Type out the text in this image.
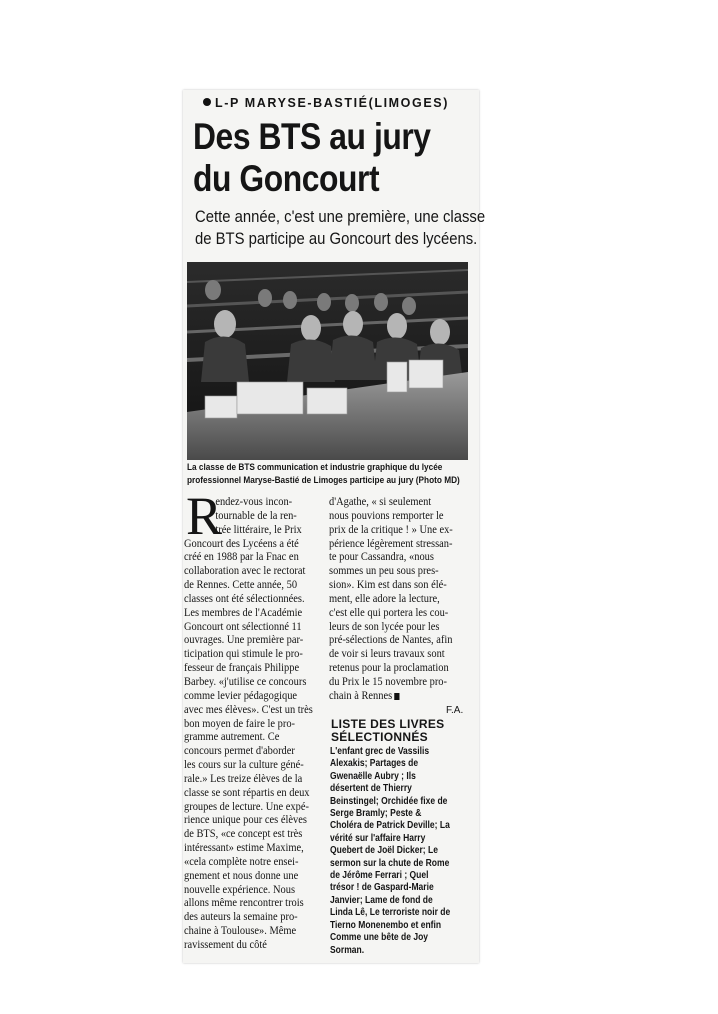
L-P MARYSE-BASTIÉ(LIMOGES)
Des BTS au jury
du Goncourt
Cette année, c'est une première, une classe
de BTS participe au Goncourt des lycéens.
La classe de BTS communication et industrie graphique du lycée
professionnel Maryse-Bastié de Limoges participe au jury (Photo MD)
R
endez-vous incon-
tournable de la ren-
trée littéraire, le Prix
Goncourt des Lycéens a été
créé en 1988 par la Fnac en
collaboration avec le rectorat
de Rennes. Cette année, 50
classes ont été sélectionnées.
Les membres de l'Académie
Goncourt ont sélectionné 11
ouvrages. Une première par-
ticipation qui stimule le pro-
fesseur de français Philippe
Barbey. «j'utilise ce concours
comme levier pédagogique
avec mes élèves». C'est un très
bon moyen de faire le pro-
gramme autrement. Ce
concours permet d'aborder
les cours sur la culture géné-
rale.» Les treize élèves de la
classe se sont répartis en deux
groupes de lecture. Une expé-
rience unique pour ces élèves
de BTS, «ce concept est très
intéressant» estime Maxime,
«cela complète notre ensei-
gnement et nous donne une
nouvelle expérience. Nous
allons même rencontrer trois
des auteurs la semaine pro-
chaine à Toulouse». Même
ravissement du côté
d'Agathe, « si seulement
nous pouvions remporter le
prix de la critique ! » Une ex-
périence légèrement stressan-
te pour Cassandra, «nous
sommes un peu sous pres-
sion». Kim est dans son élé-
ment, elle adore la lecture,
c'est elle qui portera les cou-
leurs de son lycée pour les
pré-sélections de Nantes, afin
de voir si leurs travaux sont
retenus pour la proclamation
du Prix le 15 novembre pro-
chain à Rennes
F.A.
LISTE DES LIVRES
SÉLECTIONNÉS
L'enfant grec de Vassilis
Alexakis; Partages de
Gwenaëlle Aubry ; Ils
désertent de Thierry
Beinstingel; Orchidée fixe de
Serge Bramly; Peste &
Choléra de Patrick Deville; La
vérité sur l'affaire Harry
Quebert de Joël Dicker; Le
sermon sur la chute de Rome
de Jérôme Ferrari ; Quel
trésor ! de Gaspard-Marie
Janvier; Lame de fond de
Linda Lê, Le terroriste noir de
Tierno Monenembo et enfin
Comme une bête de Joy
Sorman.
